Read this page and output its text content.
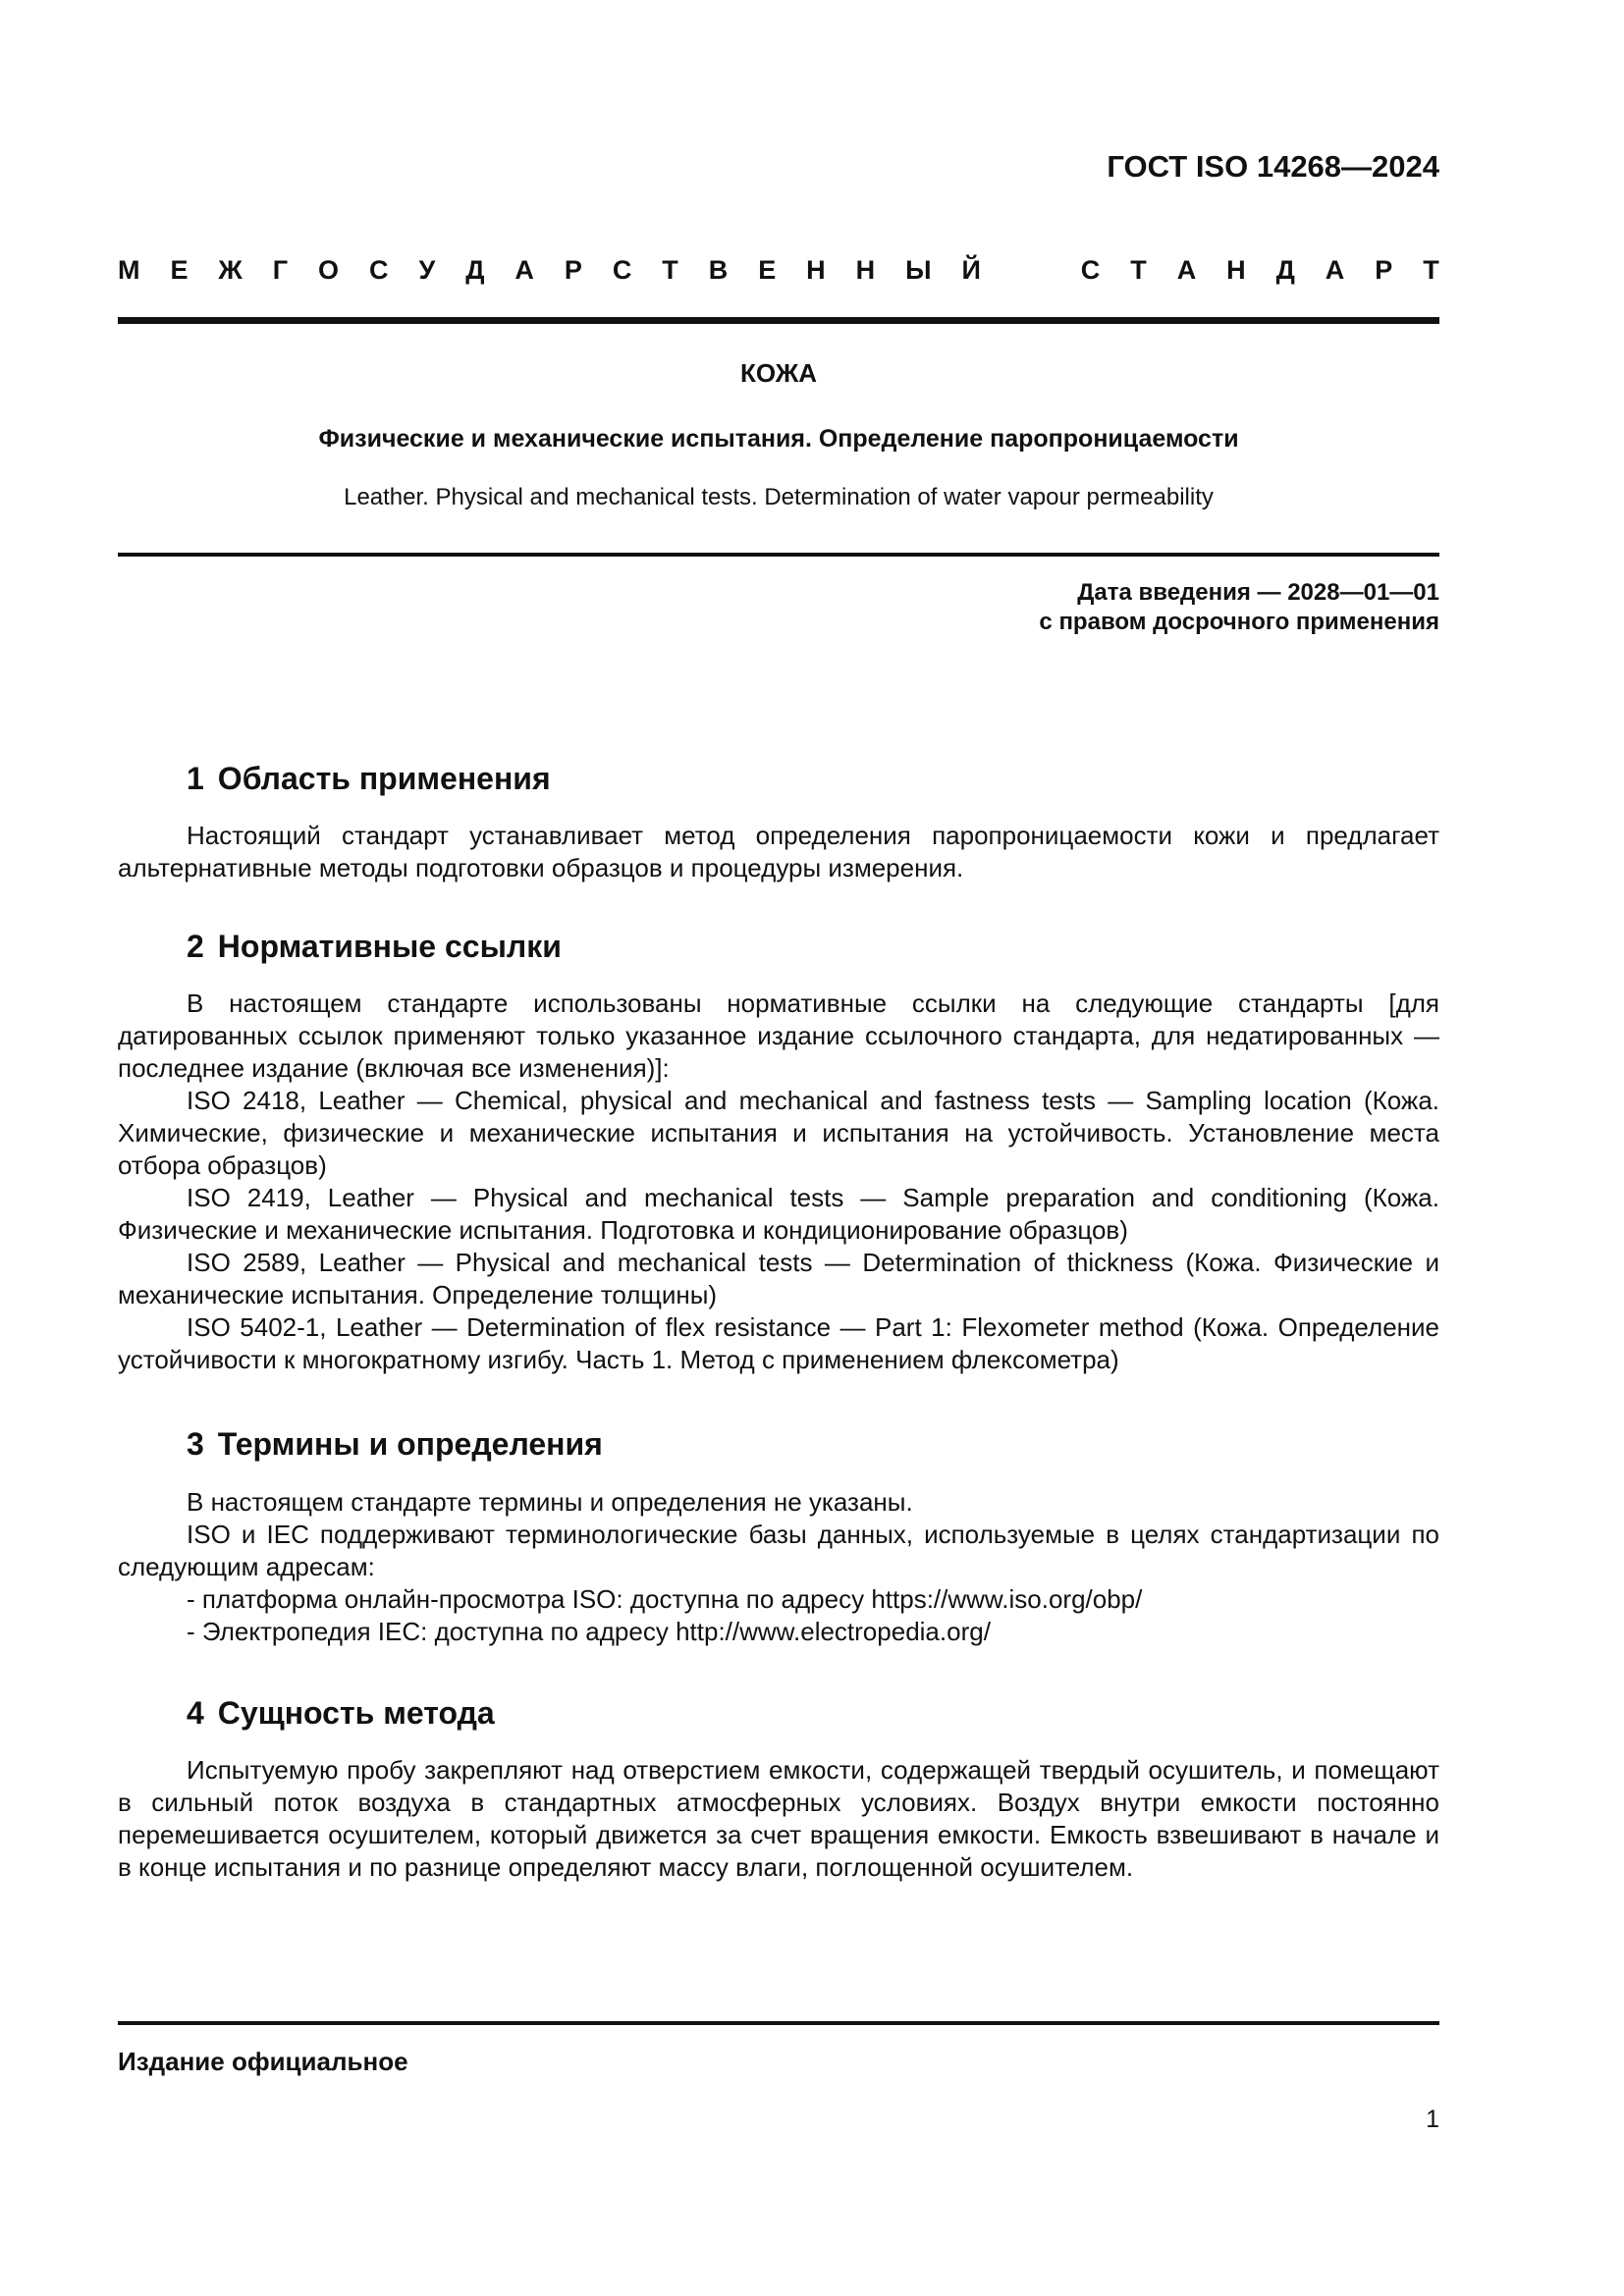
ГОСТ ISO 14268—2024
М Е Ж Г О С У Д А Р С Т В Е Н Н Ы Й	С Т А Н Д А Р Т
КОЖА
Физические и механические испытания. Определение паропроницаемости
Leather. Physical and mechanical tests. Determination of water vapour permeability
Дата введения — 2028—01—01
с правом досрочного применения
1 Область применения

Настоящий стандарт устанавливает метод определения паропроницаемости кожи и предлагает альтернативные методы подготовки образцов и процедуры измерения.

2 Нормативные ссылки

В настоящем стандарте использованы нормативные ссылки на следующие стандарты [для датированных ссылок применяют только указанное издание ссылочного стандарта, для недатированных — последнее издание (включая все изменения)]:

ISO 2418, Leather — Chemical, physical and mechanical and fastness tests — Sampling location (Кожа. Химические, физические и механические испытания и испытания на устойчивость. Установление места отбора образцов)

ISO 2419, Leather — Physical and mechanical tests — Sample preparation and conditioning (Кожа. Физические и механические испытания. Подготовка и кондиционирование образцов)

ISO 2589, Leather — Physical and mechanical tests — Determination of thickness (Кожа. Физические и механические испытания. Определение толщины)

ISO 5402-1, Leather — Determination of flex resistance — Part 1: Flexometer method (Кожа. Определение устойчивости к многократному изгибу. Часть 1. Метод с применением флексометра)

3 Термины и определения

В настоящем стандарте термины и определения не указаны.

ISO и IEC поддерживают терминологические базы данных, используемые в целях стандартизации по следующим адресам:

- платформа онлайн-просмотра ISO: доступна по адресу https://www.iso.org/obp/

- Электропедия IEC: доступна по адресу http://www.electropedia.org/

4 Сущность метода

Испытуемую пробу закрепляют над отверстием емкости, содержащей твердый осушитель, и помещают в сильный поток воздуха в стандартных атмосферных условиях. Воздух внутри емкости постоянно перемешивается осушителем, который движется за счет вращения емкости. Емкость взвешивают в начале и в конце испытания и по разнице определяют массу влаги, поглощенной осушителем.

Издание официальное
1
